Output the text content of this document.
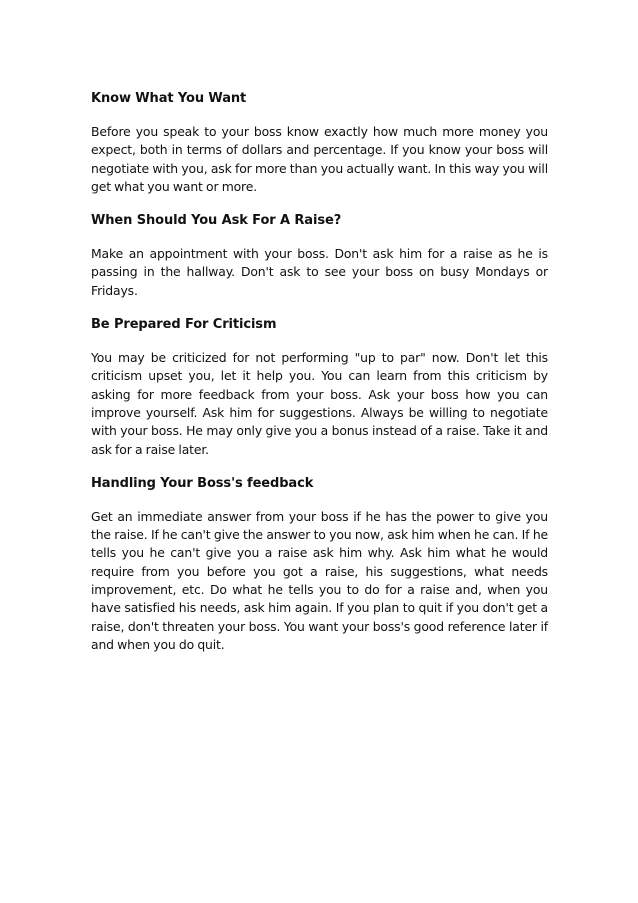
Know What You Want
Before you speak to your boss know exactly how much more money you expect, both in terms of dollars and percentage. If you know your boss will negotiate with you, ask for more than you actually want. In this way you will get what you want or more.
When Should You Ask For A Raise?
Make an appointment with your boss. Don't ask him for a raise as he is passing in the hallway. Don't ask to see your boss on busy Mondays or Fridays.
Be Prepared For Criticism
You may be criticized for not performing "up to par" now. Don't let this criticism upset you, let it help you. You can learn from this criticism by asking for more feedback from your boss. Ask your boss how you can improve yourself. Ask him for suggestions. Always be willing to negotiate with your boss. He may only give you a bonus instead of a raise. Take it and ask for a raise later.
Handling Your Boss's feedback
Get an immediate answer from your boss if he has the power to give you the raise. If he can't give the answer to you now, ask him when he can. If he tells you he can't give you a raise ask him why. Ask him what he would require from you before you got a raise, his suggestions, what needs improvement, etc. Do what he tells you to do for a raise and, when you have satisfied his needs, ask him again. If you plan to quit if you don't get a raise, don't threaten your boss. You want your boss's good reference later if and when you do quit.
